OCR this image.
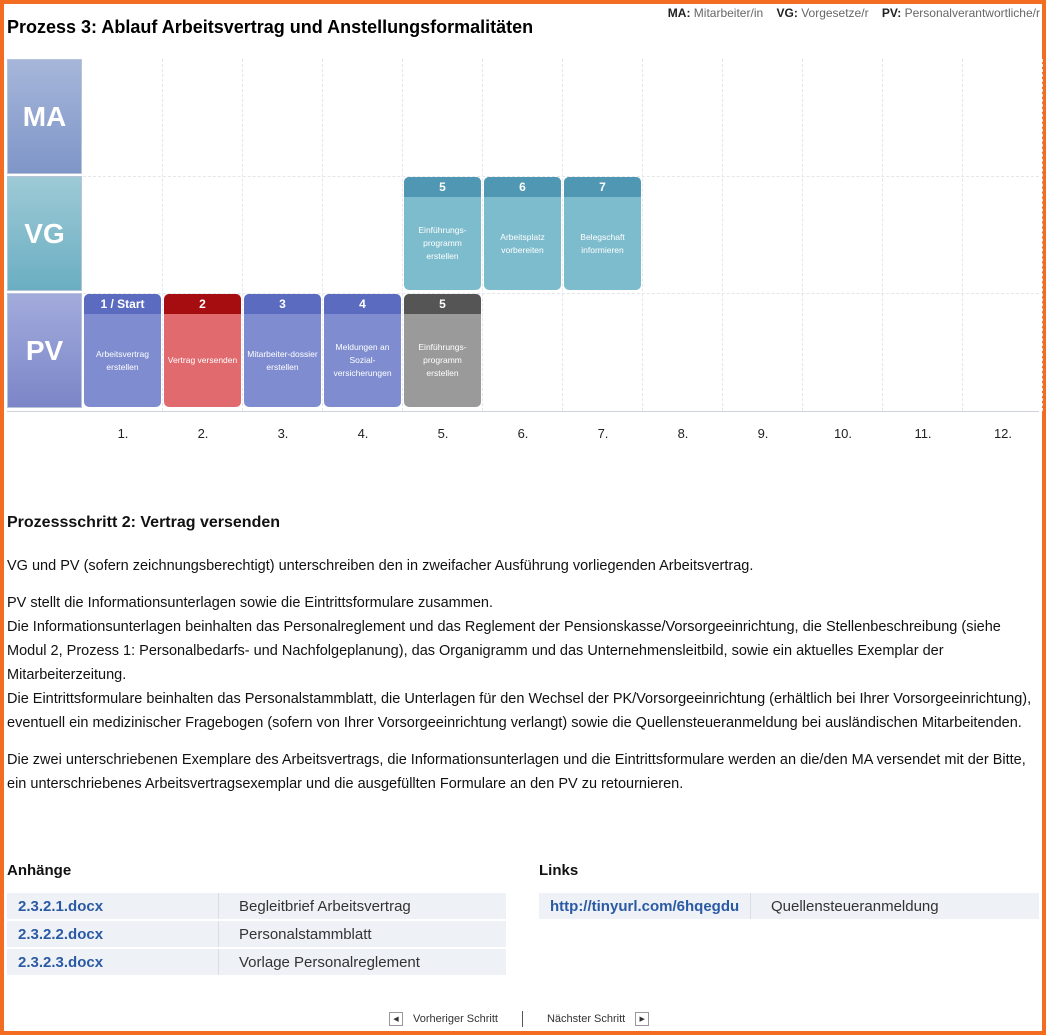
MA: Mitarbeiter/in VG: Vorgesetze/r PV: Personalverantwortliche/r
Prozess 3: Ablauf Arbeitsvertrag und Anstellungsformalitäten
MA
VG
PV
1 / Start
Arbeitsvertrag erstellen
2
Vertrag versenden
3
Mitarbeiter-dossier erstellen
4
Meldungen an Sozial-versicherungen
5
Einführungs-programm erstellen
5
Einführungs-programm erstellen
6
Arbeitsplatz vorbereiten
7
Belegschaft informieren
1.	2.	3.	4.	5.	6.	7.	8.	9.	10.	11.	12.
Prozessschritt 2: Vertrag versenden

VG und PV (sofern zeichnungsberechtigt) unterschreiben den in zweifacher Ausführung vorliegenden Arbeitsvertrag.

PV stellt die Informationsunterlagen sowie die Eintrittsformulare zusammen.
Die Informationsunterlagen beinhalten das Personalreglement und das Reglement der Pensionskasse/Vorsorgeeinrichtung, die Stellenbeschreibung (siehe Modul 2, Prozess 1: Personalbedarfs- und Nachfolgeplanung), das Organigramm und das Unternehmensleitbild, sowie ein aktuelles Exemplar der Mitarbeiterzeitung.
Die Eintrittsformulare beinhalten das Personalstammblatt, die Unterlagen für den Wechsel der PK/Vorsorgeeinrichtung (erhältlich bei Ihrer Vorsorgeeinrichtung), eventuell ein medizinischer Fragebogen (sofern von Ihrer Vorsorgeeinrichtung verlangt) sowie die Quellensteueranmeldung bei ausländischen Mitarbeitenden.

Die zwei unterschriebenen Exemplare des Arbeitsvertrags, die Informationsunterlagen und die Eintrittsformulare werden an die/den MA versendet mit der Bitte, ein unterschriebenes Arbeitsvertragsexemplar und die ausgefüllten Formulare an den PV zu retournieren.

Anhänge
2.3.2.1.docx	Begleitbrief Arbeitsvertrag
2.3.2.2.docx	Personalstammblatt
2.3.2.3.docx	Vorlage Personalreglement
Links
http://tinyurl.com/6hqegdu	Quellensteueranmeldung
◀	Vorheriger Schritt	Nächster Schritt	▶
